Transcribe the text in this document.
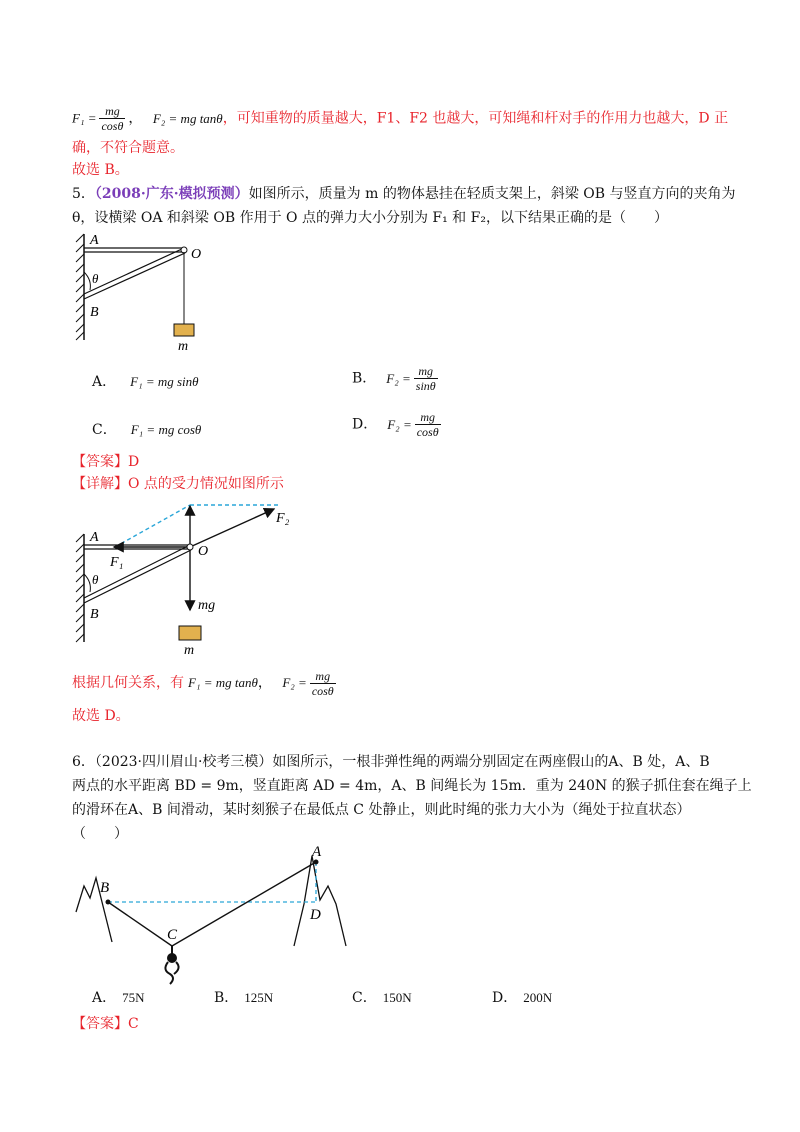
$F_1 = \frac{mg}{\cos\theta}$ ， F₂ = mg tanθ，可知重物的质量越大，F1、F2 也越大，可知绳和杆对手的作用力也越大，D 正
确，不符合题意。
故选 B。
5．（2008·广东·模拟预测）如图所示，质量为 m 的物体悬挂在轻质支架上，斜梁 OB 与竖直方向的夹角为
θ，设横梁 OA 和斜梁 OB 作用于 O 点的弹力大小分别为 F₁ 和 F₂，以下结果正确的是（　　）
A
O
θ
B
m
A． F₁ = mg sinθ	B． $F_2 = \frac{mg}{\sin\theta}$
C． F₁ = mg cosθ	D． $F_2 = \frac{mg}{\cos\theta}$
【答案】D
【详解】O 点的受力情况如图所示
A
O
F₁
F₂
θ
B
mg
m
根据几何关系，有 F₁ = mg tanθ， $F_2 = \frac{mg}{\cos\theta}$
故选 D。
6．（2023·四川眉山·校考三模）如图所示，一根非弹性绳的两端分别固定在两座假山的Α、B 处，Α、B
两点的水平距离 BD = 9m，竖直距离 AD = 4m，Α、B 间绳长为 15m．重为 240N 的猴子抓住套在绳子上
的滑环在Α、B 间滑动，某时刻猴子在最低点 C 处静止，则此时绳的张力大小为（绳处于拉直状态）
（　　）
B
A
C
D
A． 75N	B． 125N	C． 150N	D． 200N
【答案】C
